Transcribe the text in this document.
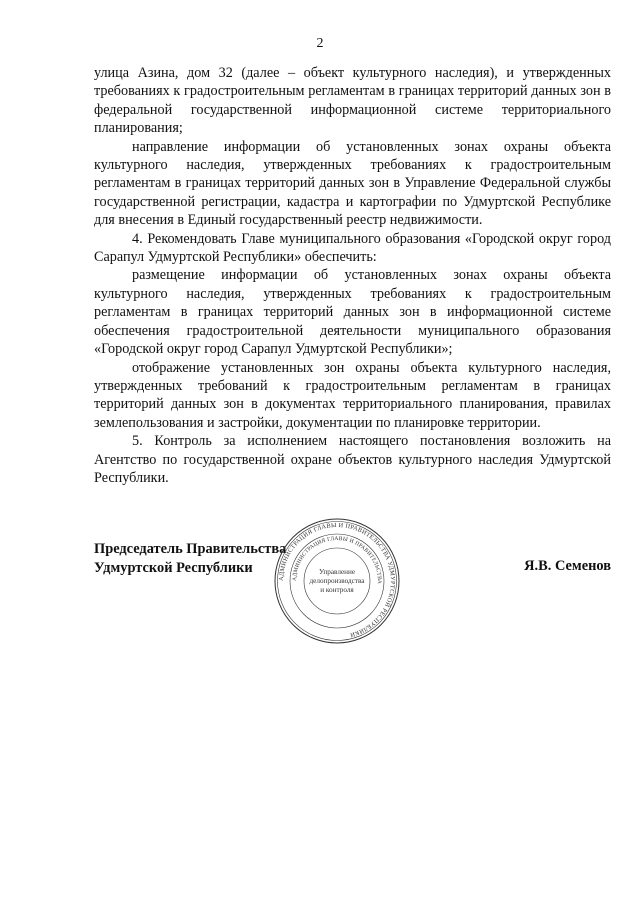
2

улица Азина, дом 32 (далее – объект культурного наследия), и утвержденных требованиях к градостроительным регламентам в границах территорий данных зон в федеральной государственной информационной системе территориального планирования;

направление информации об установленных зонах охраны объекта культурного наследия, утвержденных требованиях к градостроительным регламентам в границах территорий данных зон в Управление Федеральной службы государственной регистрации, кадастра и картографии по Удмуртской Республике для внесения в Единый государственный реестр недвижимости.

4. Рекомендовать Главе муниципального образования «Городской округ город Сарапул Удмуртской Республики» обеспечить:

размещение информации об установленных зонах охраны объекта культурного наследия, утвержденных требованиях к градостроительным регламентам в границах территорий данных зон в информационной системе обеспечения градостроительной деятельности муниципального образования «Городской округ город Сарапул Удмуртской Республики»;

отображение установленных зон охраны объекта культурного наследия, утвержденных требований к градостроительным регламентам в границах территорий данных зон в документах территориального планирования, правилах землепользования и застройки, документации по планировке территории.

5. Контроль за исполнением настоящего постановления возложить на Агентство по государственной охране объектов культурного наследия Удмуртской Республики.

Председатель Правительства
Удмуртской Республики	Я.В. Семенов
АДМИНИСТРАЦИЯ ГЛАВЫ И ПРАВИТЕЛЬСТВА УДМУРТСКОЙ РЕСПУБЛИКИ
АДМИНИСТРАЦИЯ ГЛАВЫ И ПРАВИТЕЛЬСТВА
Управление
делопроизводства
и контроля
